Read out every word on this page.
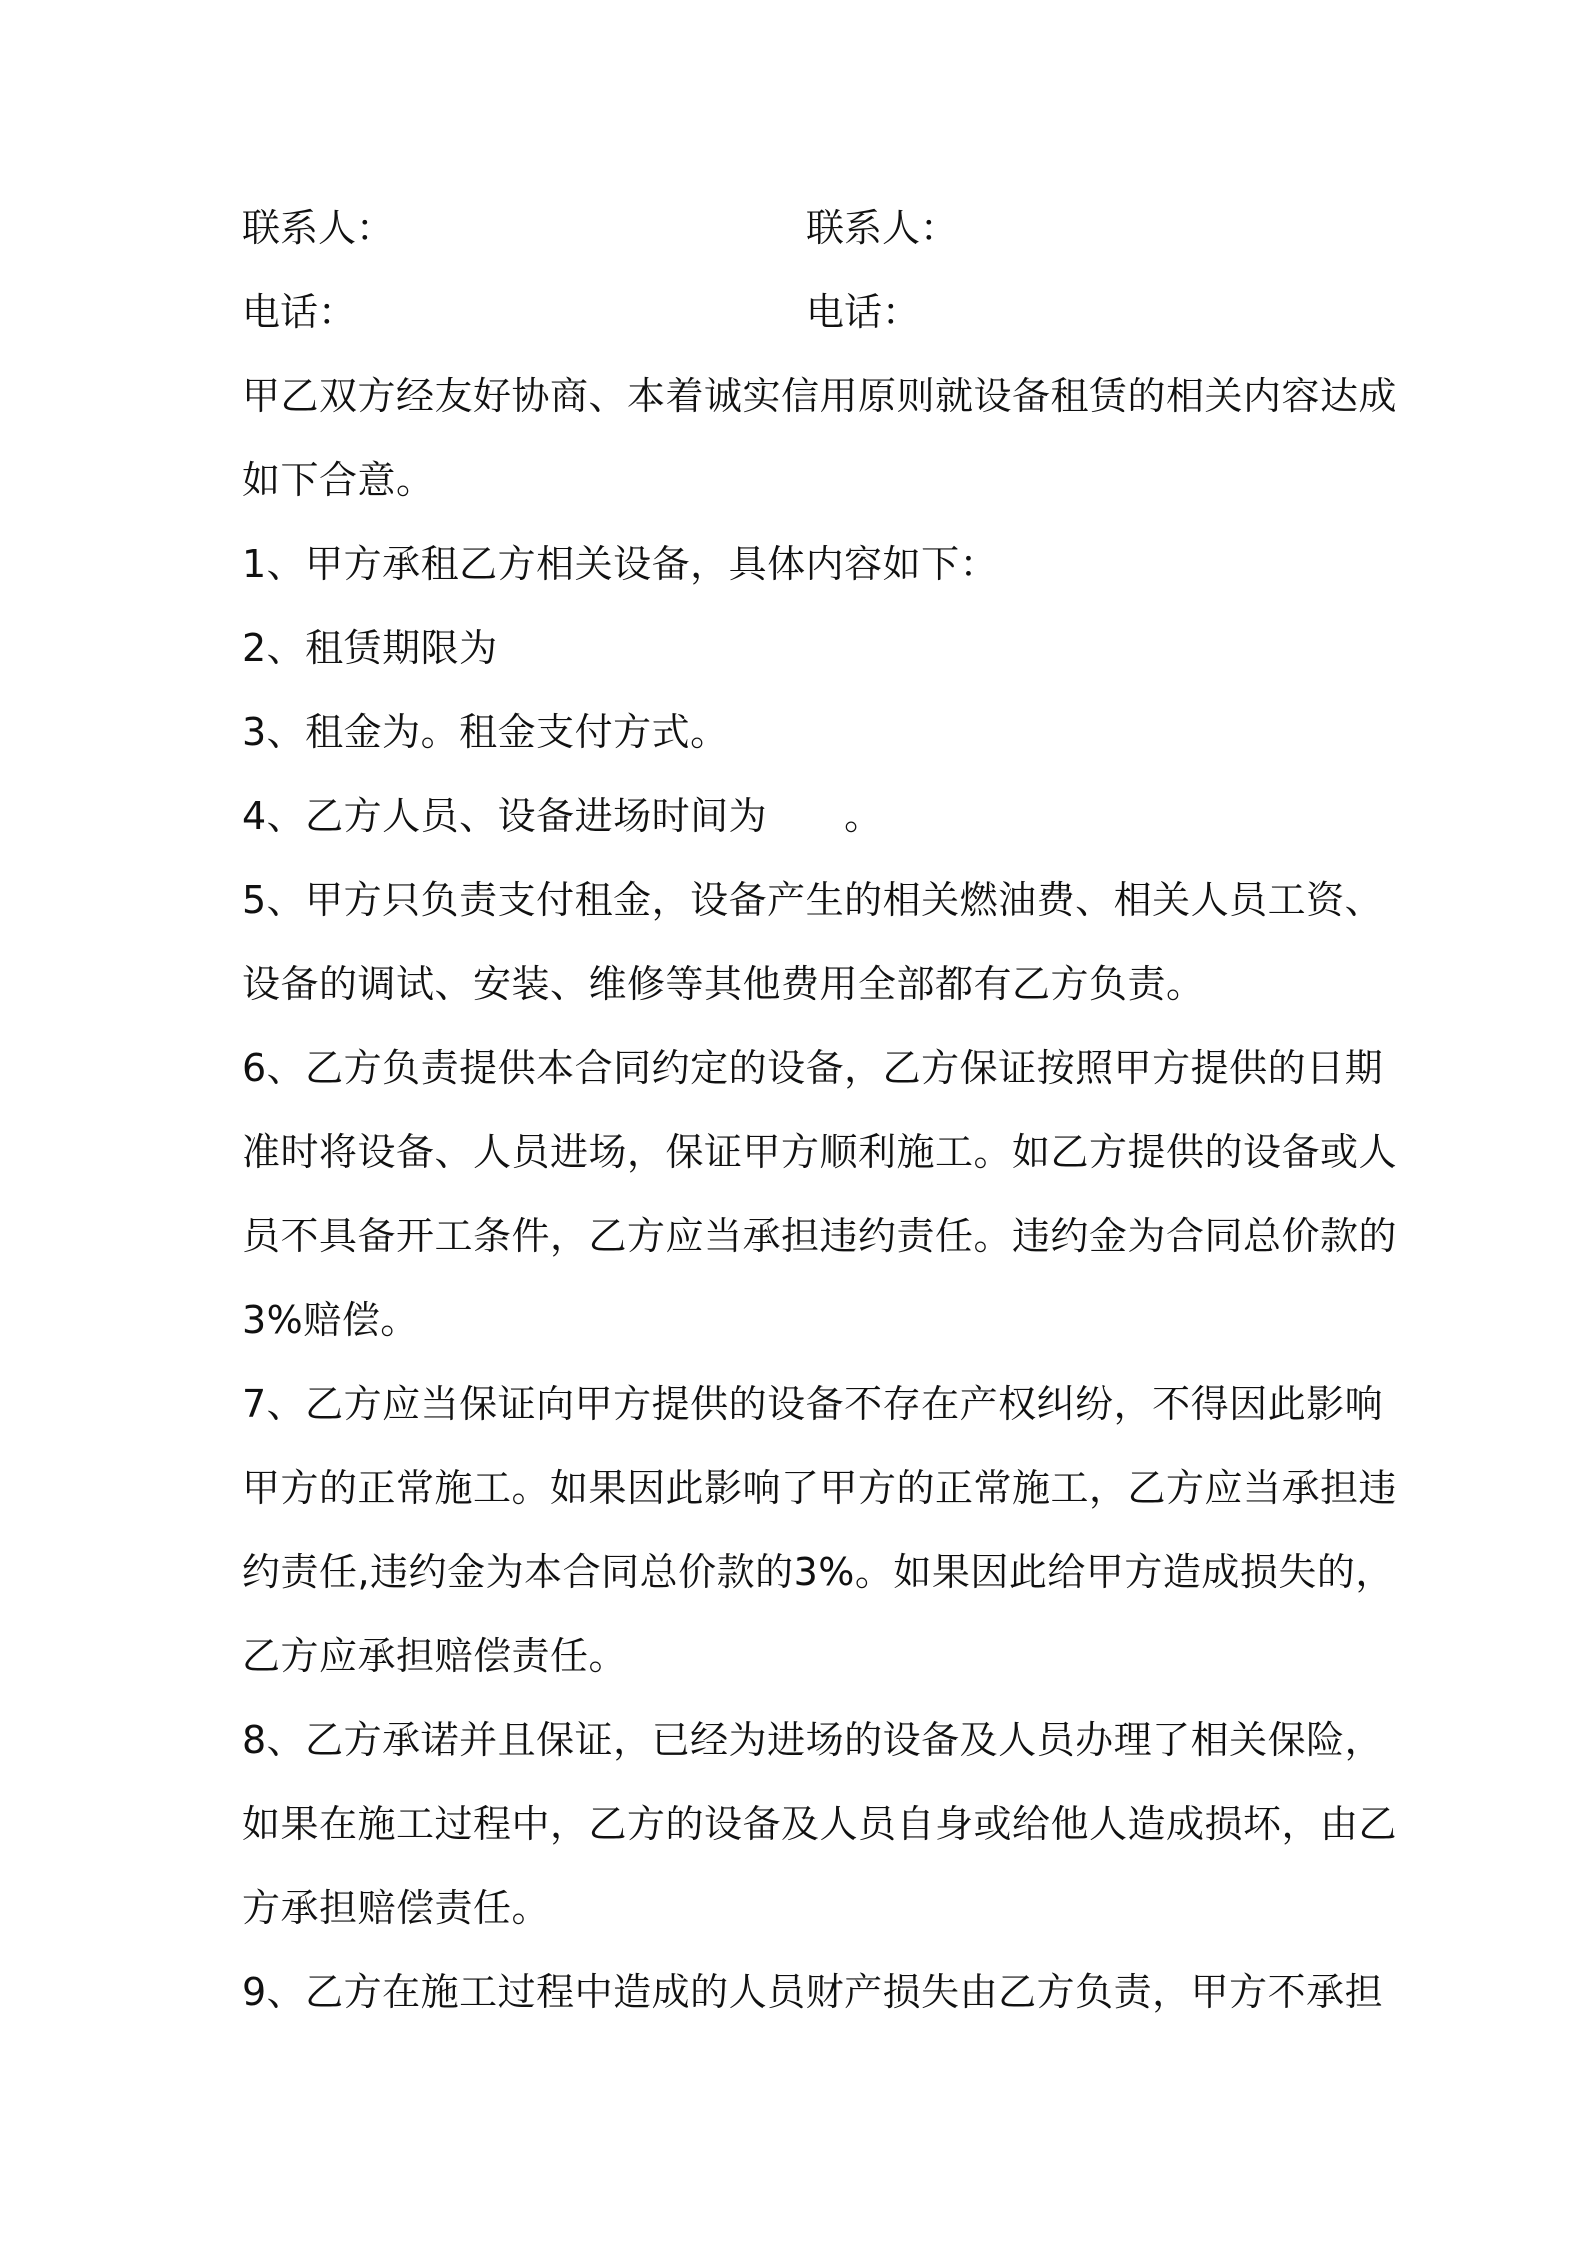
联系人：	联系人：
电话：	电话：
甲乙双方经友好协商、本着诚实信用原则就设备租赁的相关内容达成
如下合意。
1、甲方承租乙方相关设备，具体内容如下：
2、租赁期限为
3、租金为。租金支付方式。
4、乙方人员、设备进场时间为　　。
5、甲方只负责支付租金，设备产生的相关燃油费、相关人员工资、
设备的调试、安装、维修等其他费用全部都有乙方负责。
6、乙方负责提供本合同约定的设备，乙方保证按照甲方提供的日期
准时将设备、人员进场，保证甲方顺利施工。如乙方提供的设备或人
员不具备开工条件，乙方应当承担违约责任。违约金为合同总价款的
3%赔偿。
7、乙方应当保证向甲方提供的设备不存在产权纠纷，不得因此影响
甲方的正常施工。如果因此影响了甲方的正常施工，乙方应当承担违
约责任,违约金为本合同总价款的3%。如果因此给甲方造成损失的，
乙方应承担赔偿责任。
8、乙方承诺并且保证，已经为进场的设备及人员办理了相关保险，
如果在施工过程中，乙方的设备及人员自身或给他人造成损坏，由乙
方承担赔偿责任。
9、乙方在施工过程中造成的人员财产损失由乙方负责，甲方不承担
